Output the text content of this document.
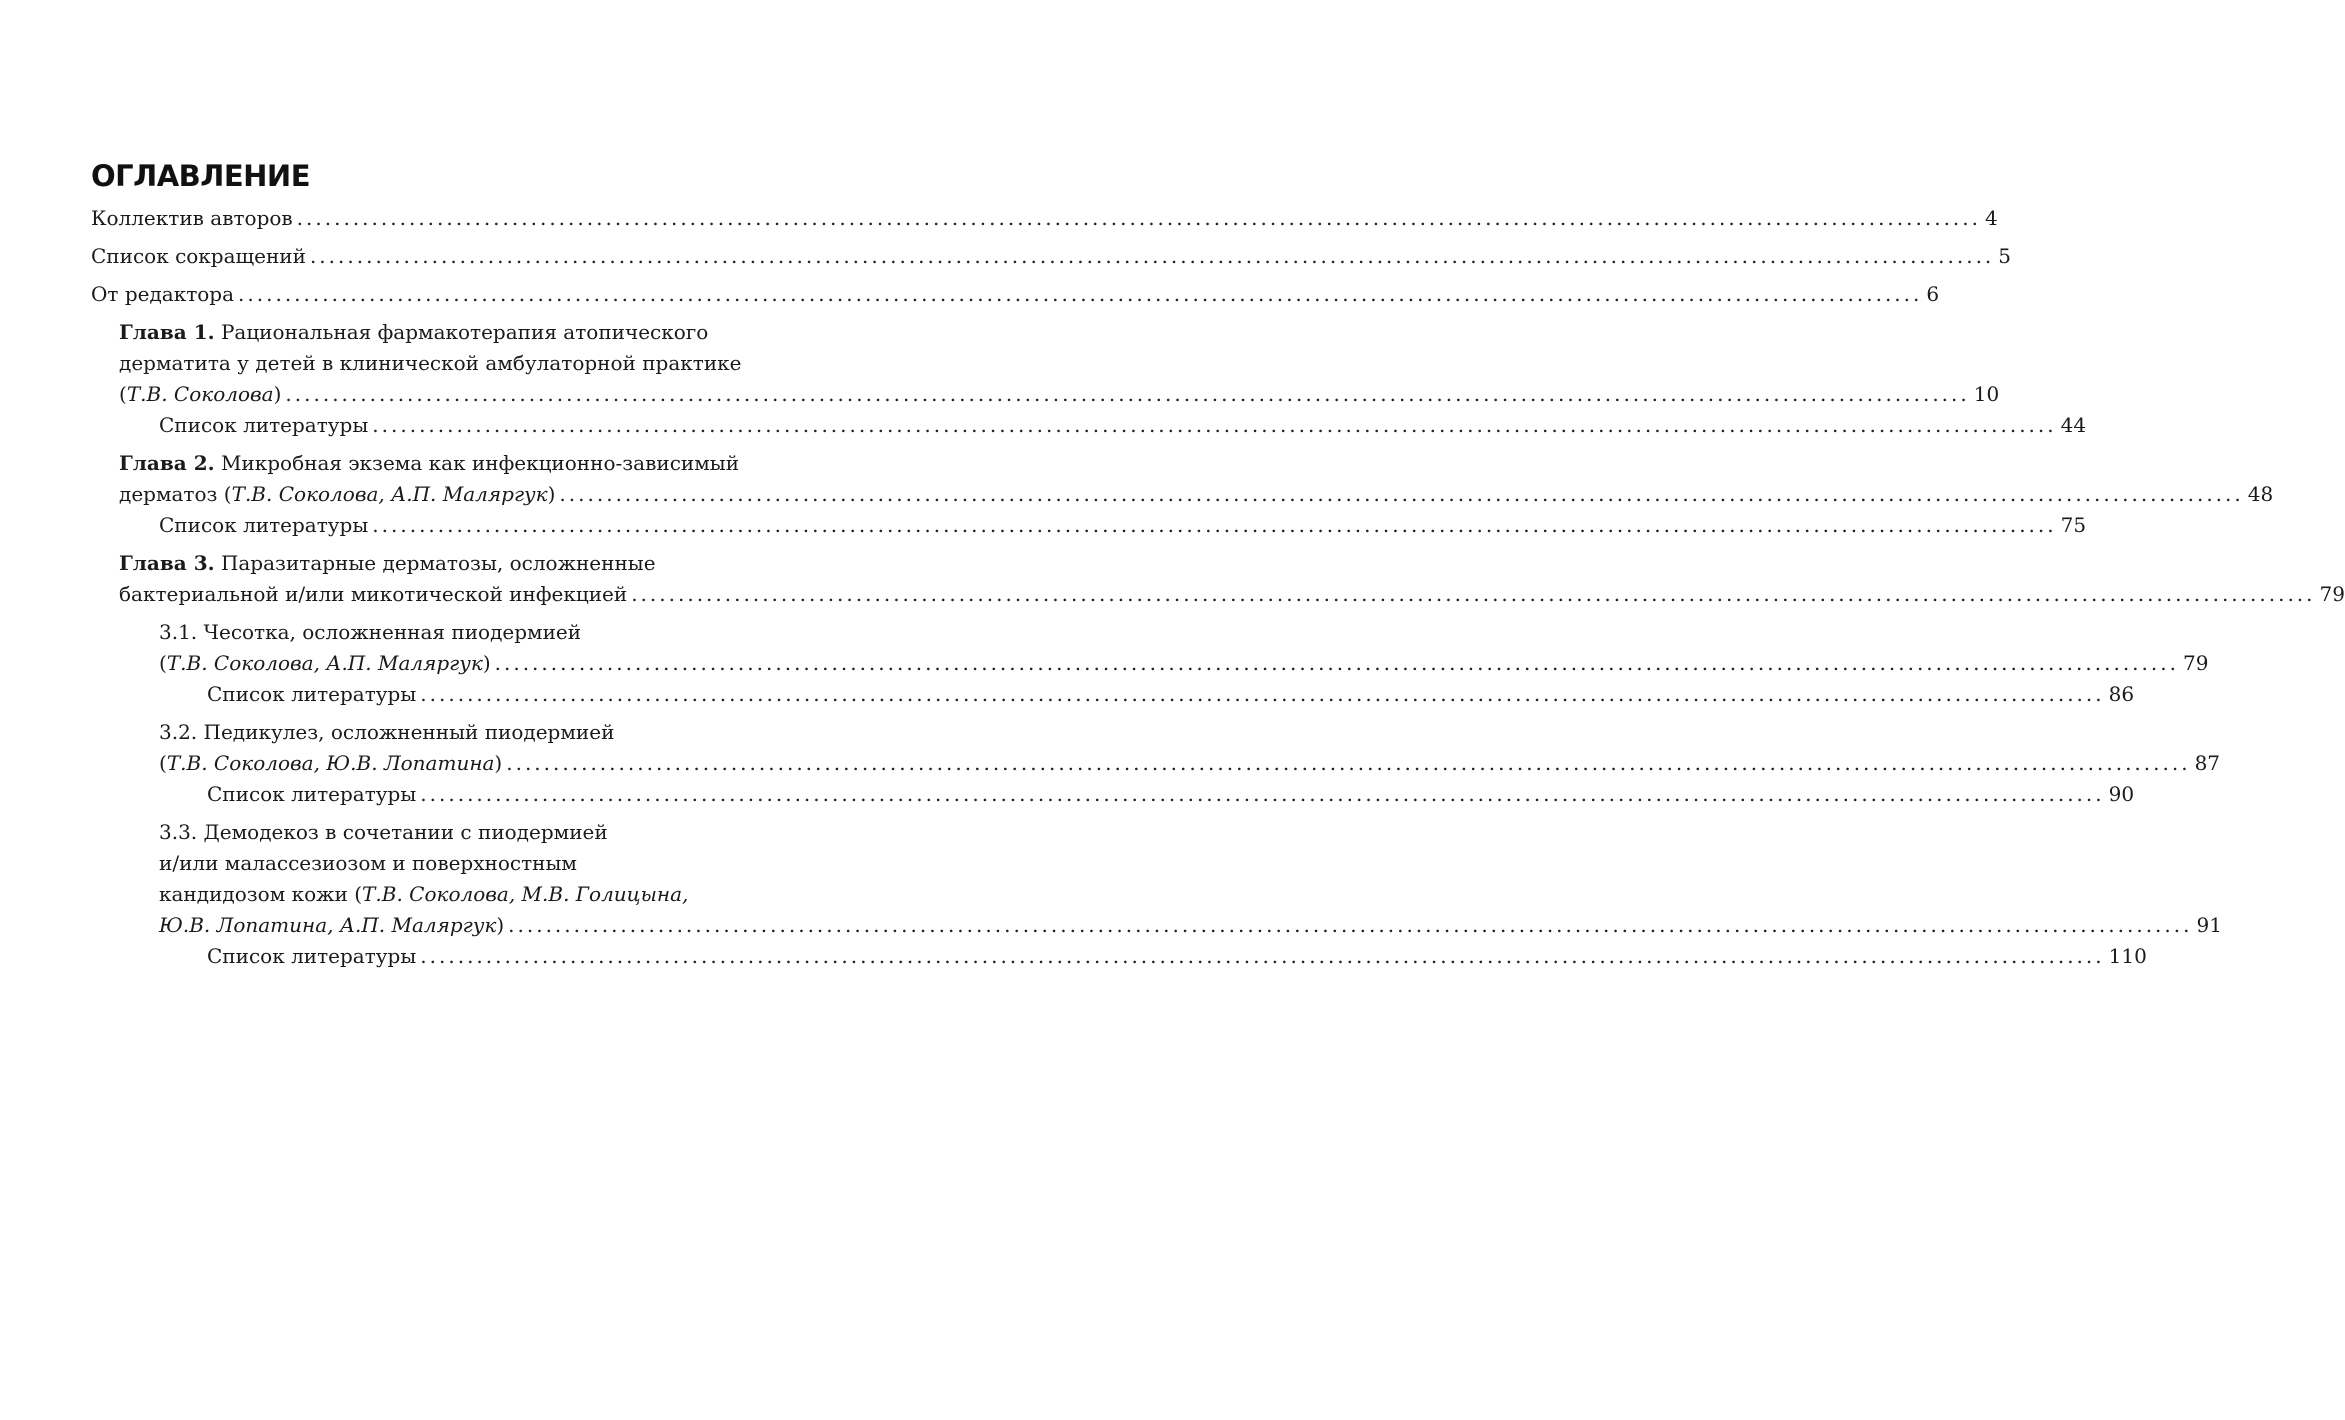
ОГЛАВЛЕНИЕ
Коллектив авторов .................................................................................................................................................................................... 4
Список сокращений .................................................................................................................................................................................... 5
От редактора .................................................................................................................................................................................... 6
Глава 1. Рациональная фармакотерапия атопического
дерматита у детей в клинической амбулаторной практике
(Т.В. Соколова) .................................................................................................................................................................................... 10
Список литературы .................................................................................................................................................................................... 44
Глава 2. Микробная экзема как инфекционно-зависимый
дерматоз (Т.В. Соколова, А.П. Маляргук) .................................................................................................................................................................................... 48
Список литературы .................................................................................................................................................................................... 75
Глава 3. Паразитарные дерматозы, осложненные
бактериальной и/или микотической инфекцией .................................................................................................................................................................................... 79
3.1. Чесотка, осложненная пиодермией
(Т.В. Соколова, А.П. Маляргук) .................................................................................................................................................................................... 79
Список литературы .................................................................................................................................................................................... 86
3.2. Педикулез, осложненный пиодермией
(Т.В. Соколова, Ю.В. Лопатина) .................................................................................................................................................................................... 87
Список литературы .................................................................................................................................................................................... 90
3.3. Демодекоз в сочетании с пиодермией
и/или малассезиозом и поверхностным
кандидозом кожи (Т.В. Соколова, М.В. Голицына,
Ю.В. Лопатина, А.П. Маляргук) .................................................................................................................................................................................... 91
Список литературы .................................................................................................................................................................................... 110
